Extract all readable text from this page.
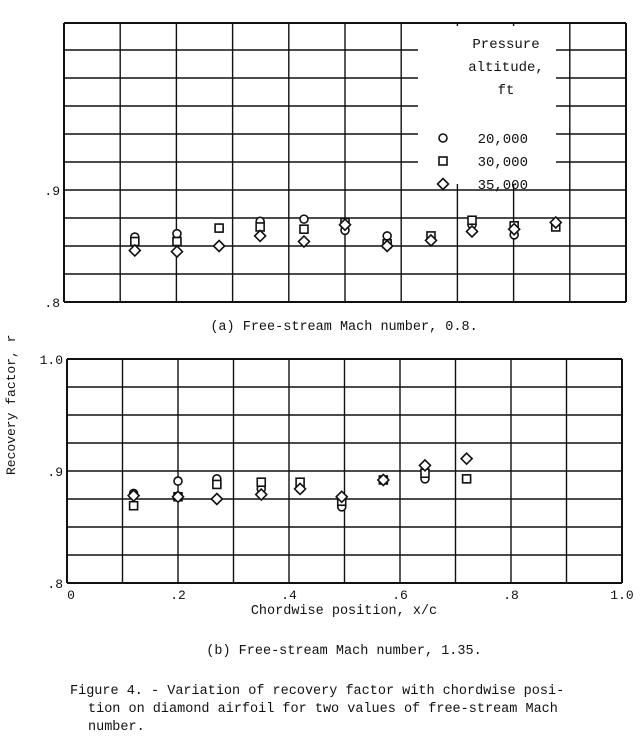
.9
.8
Pressure
altitude,
ft
20,000
30,000
35,000
1.0
.9
.8
0	.2	.4	.6	.8	1.0
Recovery factor, r
Chordwise position, x/c
(a) Free-stream Mach number, 0.8.
(b) Free-stream Mach number, 1.35.
Figure 4. - Variation of recovery factor with chordwise posi-
tion on diamond airfoil for two values of free-stream Mach
number.
